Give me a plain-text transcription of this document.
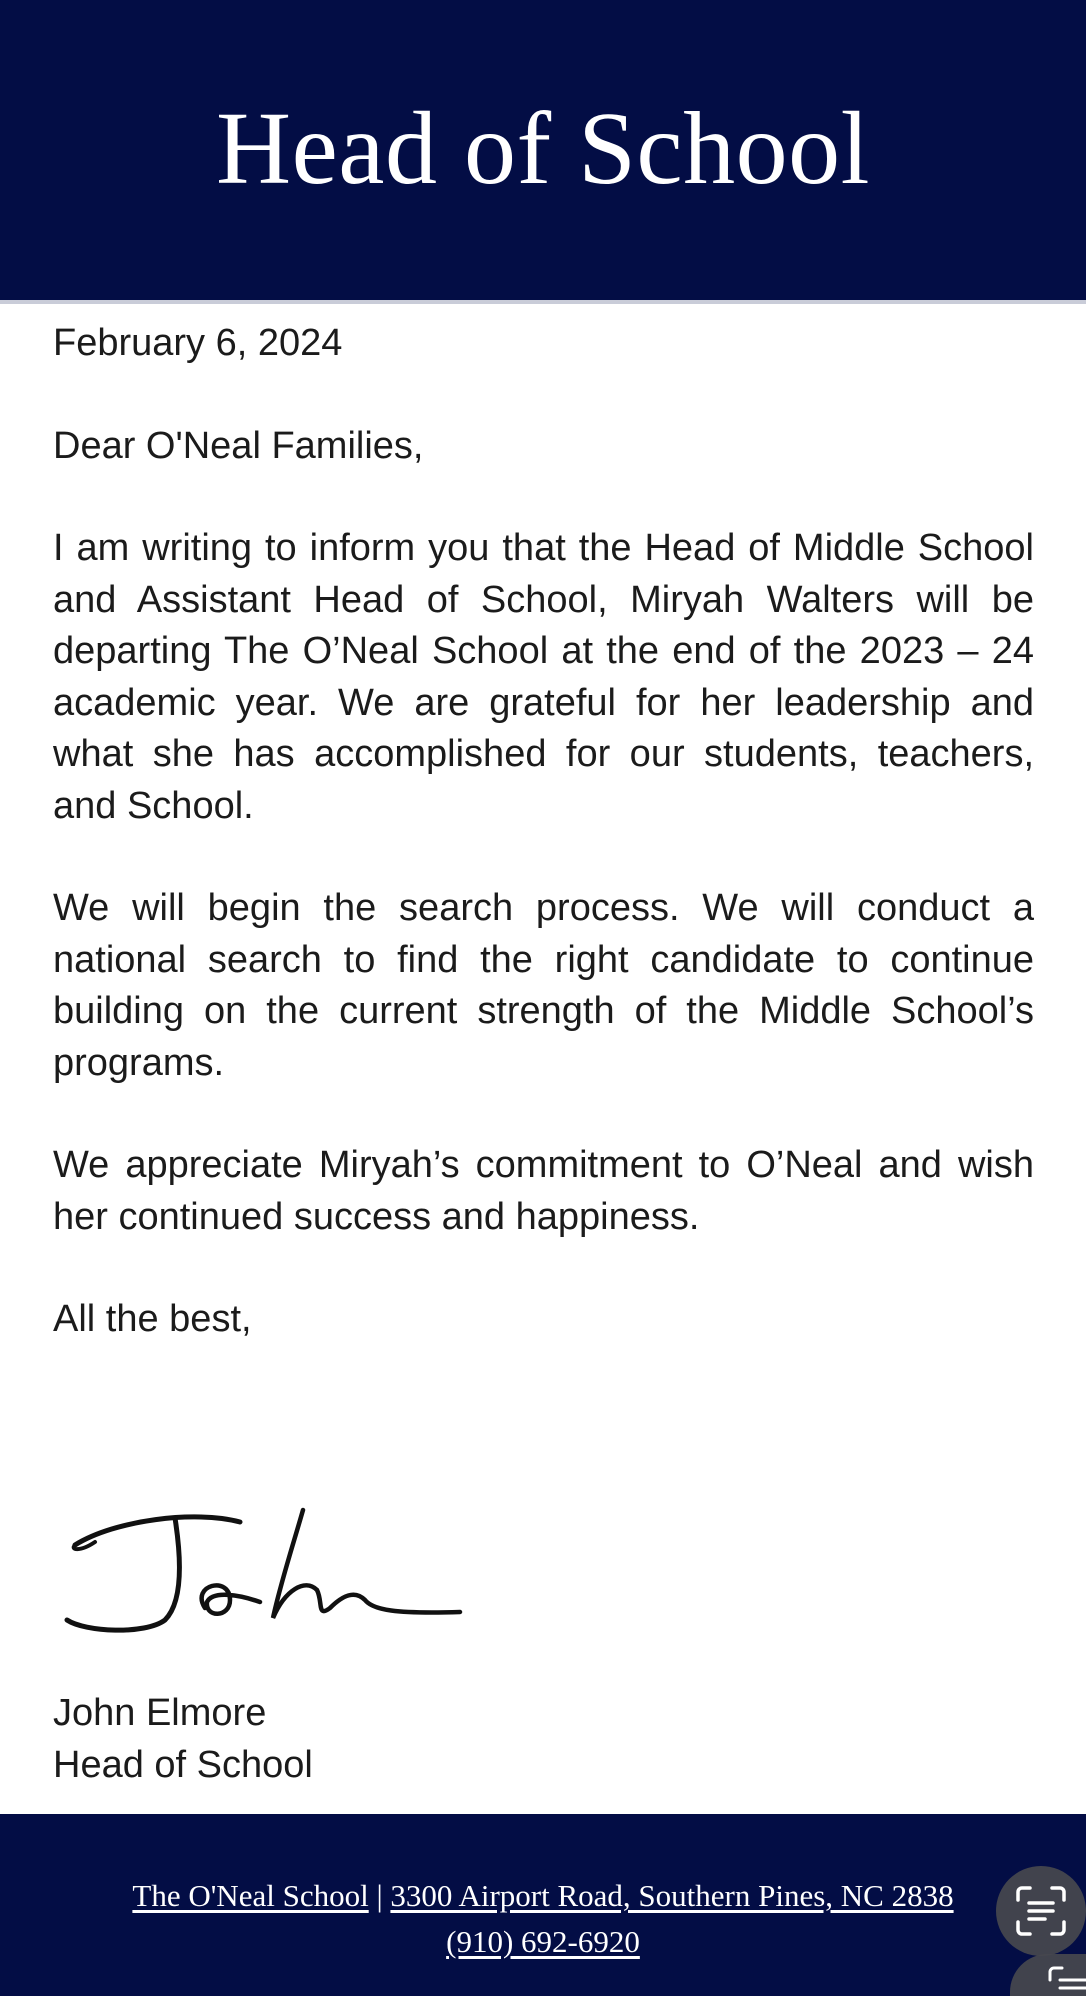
Head of School

February 6, 2024

Dear O'Neal Families,

I am writing to inform you that the Head of Middle School and Assistant Head of School, Miryah Walters will be departing The O’Neal School at the end of the 2023 – 24 academic year. We are grateful for her leadership and what she has accomplished for our students, teachers, and School.

We will begin the search process. We will conduct a national search to find the right candidate to continue building on the current strength of the Middle School’s programs.

We appreciate Miryah’s commitment to O’Neal and wish her continued success and happiness.

All the best,

John Elmore
Head of School
The O'Neal School | 3300 Airport Road, Southern Pines, NC 2838
(910) 692-6920
